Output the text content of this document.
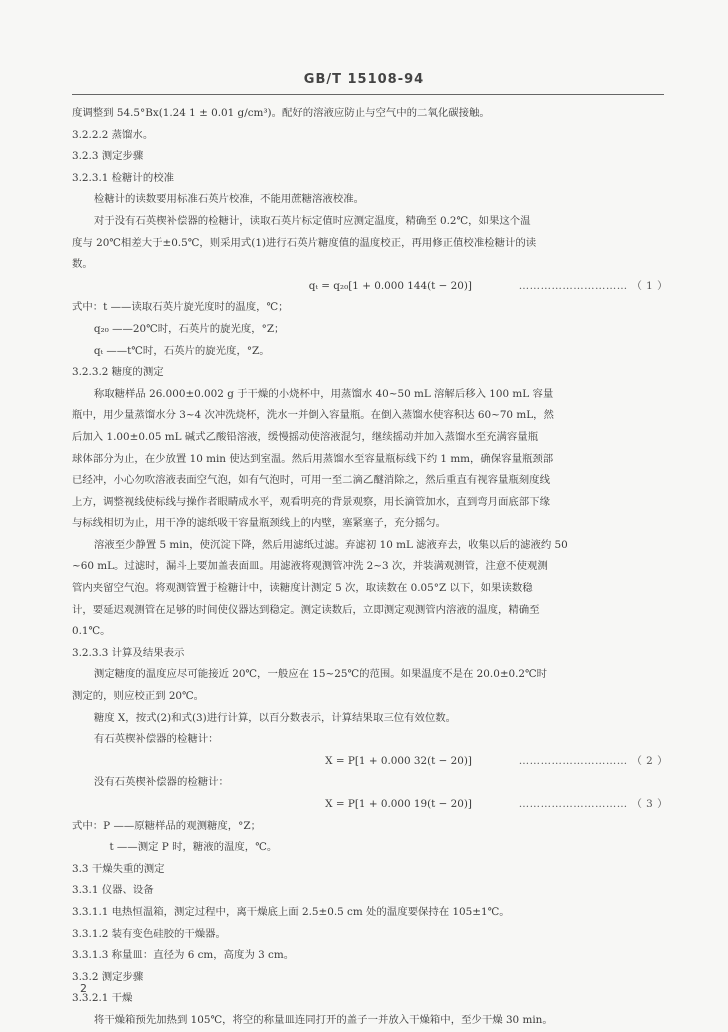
GB/T 15108-94

度调整到 54.5°Bx(1.24 1 ± 0.01 g/cm³)。配好的溶液应防止与空气中的二氧化碳接触。

3.2.2.2 蒸馏水。

3.2.3 测定步骤

3.2.3.1 检糖计的校准

检糖计的读数要用标准石英片校准，不能用蔗糖溶液校准。

对于没有石英楔补偿器的检糖计，读取石英片标定值时应测定温度，精确至 0.2℃，如果这个温

度与 20℃相差大于±0.5℃，则采用式(1)进行石英片糖度值的温度校正，再用修正值校准检糖计的读

数。

qₜ = q₂₀[1 + 0.000 144(t − 20)]	………………………… （ 1 ）

式中：t ——读取石英片旋光度时的温度，℃；

q₂₀ ——20℃时，石英片的旋光度，°Z；

qₜ ——t℃时，石英片的旋光度，°Z。

3.2.3.2 糖度的测定

称取糖样品 26.000±0.002 g 于干燥的小烧杯中，用蒸馏水 40~50 mL 溶解后移入 100 mL 容量

瓶中，用少量蒸馏水分 3~4 次冲洗烧杯，洗水一并倒入容量瓶。在倒入蒸馏水使容积达 60~70 mL，然

后加入 1.00±0.05 mL 碱式乙酸铅溶液，缓慢摇动使溶液混匀，继续摇动并加入蒸馏水至充满容量瓶

球体部分为止，在少放置 10 min 使达到室温。然后用蒸馏水至容量瓶标线下约 1 mm，确保容量瓶颈部

已经冲，小心勿吹溶液表面空气泡，如有气泡时，可用一至二滴乙醚消除之，然后重直有视容量瓶刻度线

上方，调整视线使标线与操作者眼睛成水平，观看明亮的背景观察，用长滴管加水，直到弯月面底部下缘

与标线相切为止，用干净的滤纸吸干容量瓶颈线上的内壁，塞紧塞子，充分摇匀。

溶液至少静置 5 min，使沉淀下降，然后用滤纸过滤。弃滤初 10 mL 滤液弃去，收集以后的滤液约 50

~60 mL。过滤时，漏斗上要加盖表面皿。用滤液将观测管冲洗 2~3 次，并装满观测管，注意不使观测

管内夹留空气泡。将观测管置于检糖计中，读糖度计测定 5 次，取读数在 0.05°Z 以下，如果读数稳

计，要延迟观测管在足够的时间使仪器达到稳定。测定读数后，立即测定观测管内溶液的温度，精确至

0.1℃。

3.2.3.3 计算及结果表示

测定糖度的温度应尽可能接近 20℃，一般应在 15~25℃的范围。如果温度不是在 20.0±0.2℃时

测定的，则应校正到 20℃。

糖度 X，按式(2)和式(3)进行计算，以百分数表示，计算结果取三位有效位数。

有石英楔补偿器的检糖计：

X = P[1 + 0.000 32(t − 20)]	………………………… （ 2 ）

没有石英楔补偿器的检糖计：

X = P[1 + 0.000 19(t − 20)]	………………………… （ 3 ）

式中：P ——原糖样品的观测糖度，°Z；

t ——测定 P 时，糖液的温度，℃。

3.3 干燥失重的测定

3.3.1 仪器、设备

3.3.1.1 电热恒温箱，测定过程中，离干燥底上面 2.5±0.5 cm 处的温度要保持在 105±1℃。

3.3.1.2 装有变色硅胶的干燥器。

3.3.1.3 称量皿：直径为 6 cm，高度为 3 cm。

3.3.2 测定步骤

3.3.2.1 干燥

将干燥箱预先加热到 105℃，将空的称量皿连同打开的盖子一并放入干燥箱中，至少干燥 30 min。

2
